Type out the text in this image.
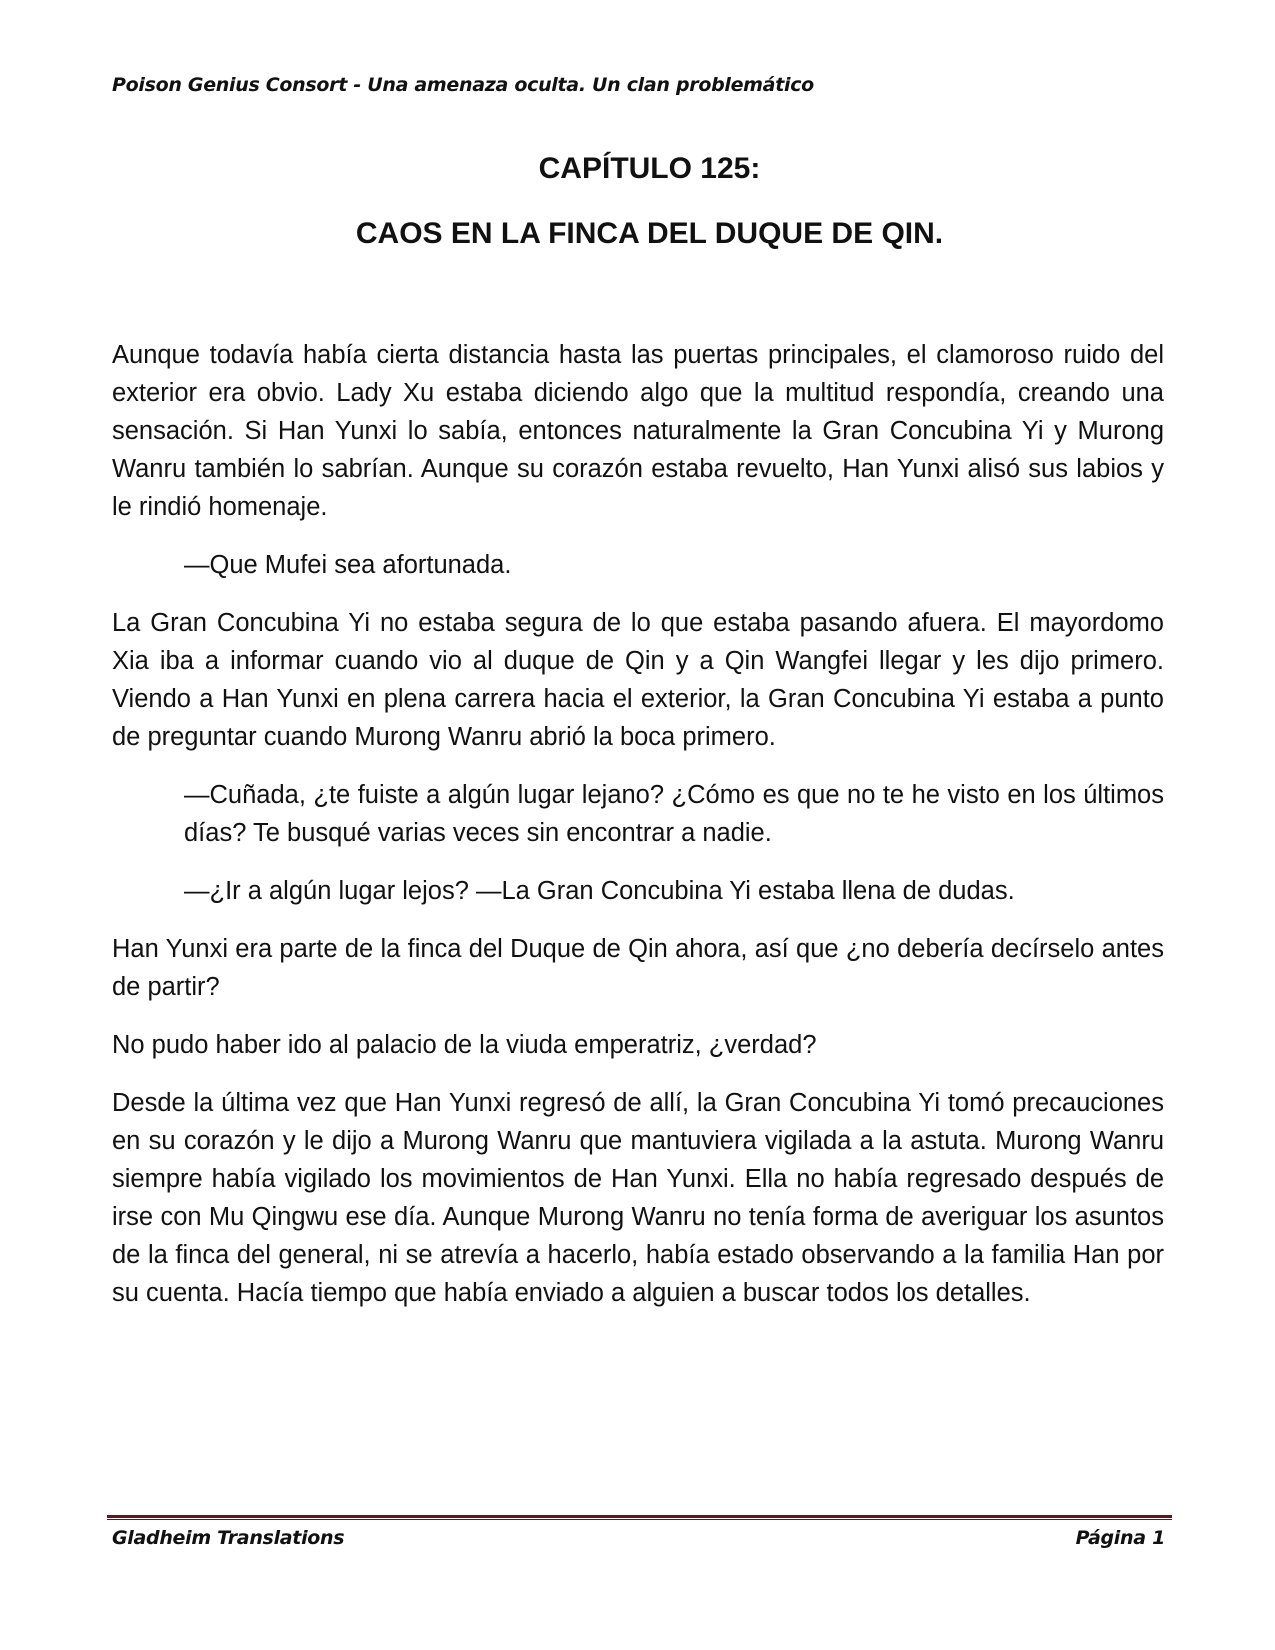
Poison Genius Consort - Una amenaza oculta. Un clan problemático
CAPÍTULO 125:
CAOS EN LA FINCA DEL DUQUE DE QIN.

Aunque todavía había cierta distancia hasta las puertas principales, el clamoroso ruido del exterior era obvio. Lady Xu estaba diciendo algo que la multitud respondía, creando una sensación. Si Han Yunxi lo sabía, entonces naturalmente la Gran Concubina Yi y Murong Wanru también lo sabrían. Aunque su corazón estaba revuelto, Han Yunxi alisó sus labios y le rindió homenaje.

—Que Mufei sea afortunada.

La Gran Concubina Yi no estaba segura de lo que estaba pasando afuera. El mayordomo Xia iba a informar cuando vio al duque de Qin y a Qin Wangfei llegar y les dijo primero. Viendo a Han Yunxi en plena carrera hacia el exterior, la Gran Concubina Yi estaba a punto de preguntar cuando Murong Wanru abrió la boca primero.

—Cuñada, ¿te fuiste a algún lugar lejano? ¿Cómo es que no te he visto en los últimos días? Te busqué varias veces sin encontrar a nadie.

—¿Ir a algún lugar lejos? —La Gran Concubina Yi estaba llena de dudas.

Han Yunxi era parte de la finca del Duque de Qin ahora, así que ¿no debería decírselo antes de partir?

No pudo haber ido al palacio de la viuda emperatriz, ¿verdad?

Desde la última vez que Han Yunxi regresó de allí, la Gran Concubina Yi tomó precauciones en su corazón y le dijo a Murong Wanru que mantuviera vigilada a la astuta. Murong Wanru siempre había vigilado los movimientos de Han Yunxi. Ella no había regresado después de irse con Mu Qingwu ese día. Aunque Murong Wanru no tenía forma de averiguar los asuntos de la finca del general, ni se atrevía a hacerlo, había estado observando a la familia Han por su cuenta. Hacía tiempo que había enviado a alguien a buscar todos los detalles.

Gladheim Translations	Página 1
